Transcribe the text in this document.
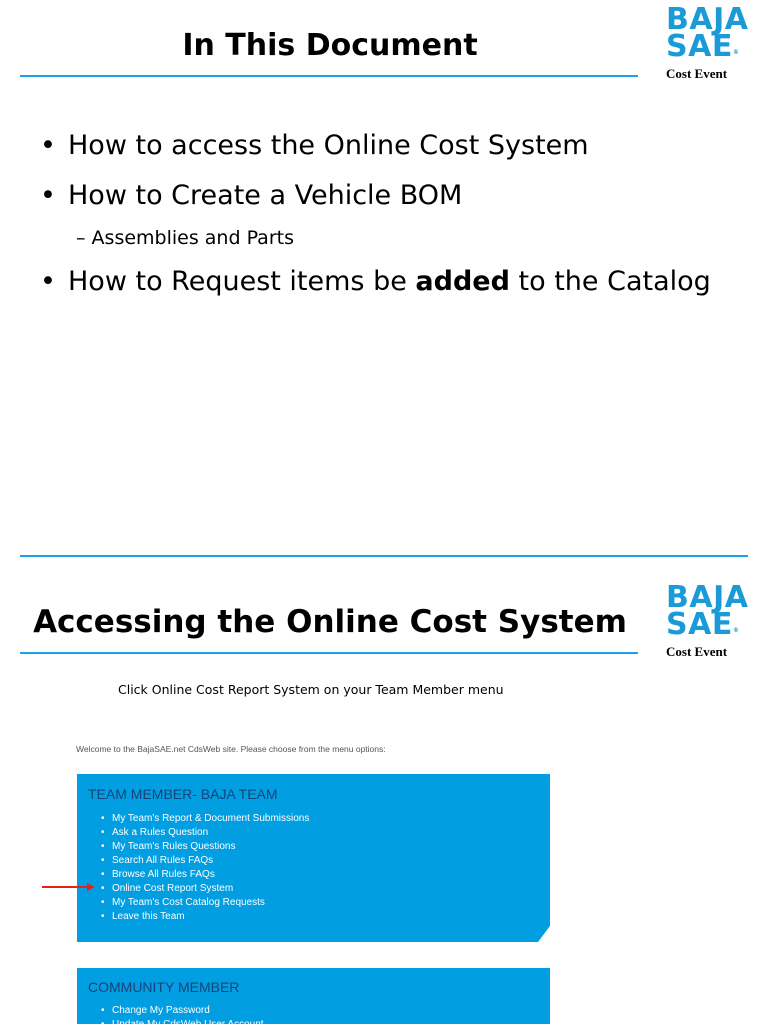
In This Document
BAJA
SAE®
Cost Event
• How to access the Online Cost System
• How to Create a Vehicle BOM
– Assemblies and Parts
• How to Request items be added to the Catalog
Accessing the Online Cost System
BAJA
SAE®
Cost Event
Click Online Cost Report System on your Team Member menu
Welcome to the BajaSAE.net CdsWeb site. Please choose from the menu options:
TEAM MEMBER- BAJA TEAM
• My Team's Report & Document Submissions
• Ask a Rules Question
• My Team's Rules Questions
• Search All Rules FAQs
• Browse All Rules FAQs
• Online Cost Report System
• My Team's Cost Catalog Requests
• Leave this Team
COMMUNITY MEMBER
• Change My Password
• Update My CdsWeb User Account
